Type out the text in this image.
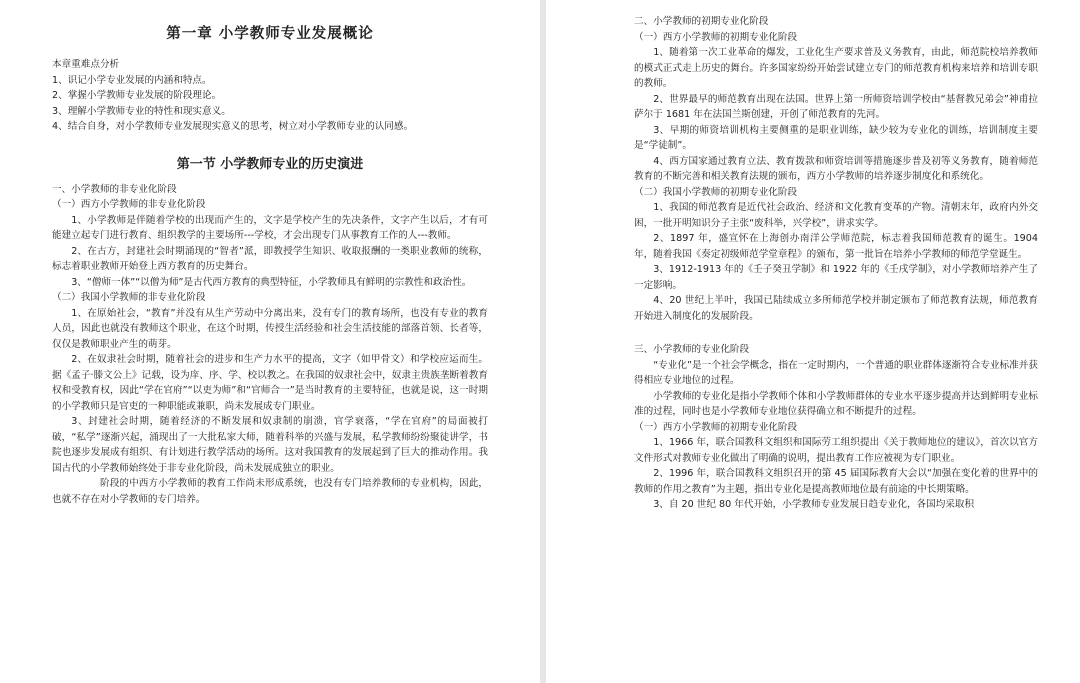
第一章 小学教师专业发展概论
本章重难点分析
1、识记小学专业发展的内涵和特点。
2、掌握小学教师专业发展的阶段理论。
3、理解小学教师专业的特性和现实意义。
4、结合自身，对小学教师专业发展现实意义的思考，树立对小学教师专业的认同感。
第一节 小学教师专业的历史演进
一、小学教师的非专业化阶段
（一）西方小学教师的非专业化阶段
1、小学教师是伴随着学校的出现而产生的，文字是学校产生的先决条件，文字产生以后，才有可能建立起专门进行教育、组织教学的主要场所---学校，才会出现专门从事教育工作的人---教师。
2、在古方，封建社会时期涌现的“智者”派，即教授学生知识、收取报酬的一类职业教师的统称，标志着职业教师开始登上西方教育的历史舞台。
3、“僧师一体”“以僧为师”是古代西方教育的典型特征，小学教师具有鲜明的宗教性和政治性。
（二）我国小学教师的非专业化阶段
1、在原始社会，“教育”并没有从生产劳动中分离出来，没有专门的教育场所，也没有专业的教育人员，因此也就没有教师这个职业，在这个时期，传授生活经验和社会生活技能的部落首领、长者等，仅仅是教师职业产生的萌芽。
2、在奴隶社会时期，随着社会的进步和生产力水平的提高，文字（如甲骨文）和学校应运而生。据《孟子·滕文公上》记载，设为庠、序、学、校以教之。在我国的奴隶社会中，奴隶主贵族垄断着教育权和受教育权，因此“学在官府”“以吏为师”和“官师合一”是当时教育的主要特征，也就是说，这一时期的小学教师只是官吏的一种职能或兼职，尚未发展成专门职业。
3、封建社会时期，随着经济的不断发展和奴隶制的崩溃，官学衰落，“学在官府”的局面被打破，“私学”逐渐兴起，涌现出了一大批私家大师，随着科举的兴盛与发展，私学教师纷纷聚徒讲学，书院也逐步发展成有组织、有计划进行教学活动的场所。这对我国教育的发展起到了巨大的推动作用。我国古代的小学教师始终处于非专业化阶段，尚未发展成独立的职业。
阶段的中西方小学教师的教育工作尚未形成系统，也没有专门培养教师的专业机构，因此，也就不存在对小学教师的专门培养。
二、小学教师的初期专业化阶段
（一）西方小学教师的初期专业化阶段
1、随着第一次工业革命的爆发，工业化生产要求普及义务教育，由此，师范院校培养教师的模式正式走上历史的舞台。许多国家纷纷开始尝试建立专门的师范教育机构来培养和培训专职的教师。
2、世界最早的师范教育出现在法国。世界上第一所师资培训学校由“基督教兄弟会”神甫拉萨尔于 1681 年在法国兰斯创建，开创了师范教育的先河。
3、早期的师资培训机构主要侧重的是职业训练，缺少较为专业化的训练，培训制度主要是“学徒制”。
4、西方国家通过教育立法、教育拨款和师资培训等措施逐步普及初等义务教育，随着师范教育的不断完善和相关教育法规的颁布，西方小学教师的培养逐步制度化和系统化。
（二）我国小学教师的初期专业化阶段
1、我国的师范教育是近代社会政治、经济和文化教育变革的产物。清朝末年，政府内外交困，一批开明知识分子主张“废科举，兴学校”，讲求实学。
2、1897 年，盛宣怀在上海创办南洋公学师范院，标志着我国师范教育的诞生。1904 年，随着我国《奏定初级师范学堂章程》的颁布，第一批旨在培养小学教师的师范学堂诞生。
3、1912-1913 年的《壬子癸丑学制》和 1922 年的《壬戌学制》，对小学教师培养产生了一定影响。
4、20 世纪上半叶，我国已陆续成立多所师范学校并制定颁布了师范教育法规，师范教育开始进入制度化的发展阶段。
三、小学教师的专业化阶段
“专业化”是一个社会学概念，指在一定时期内，一个普通的职业群体逐渐符合专业标准并获得相应专业地位的过程。
小学教师的专业化是指小学教师个体和小学教师群体的专业水平逐步提高并达到鲜明专业标准的过程，同时也是小学教师专业地位获得确立和不断提升的过程。
（一）西方小学教师的初期专业化阶段
1、1966 年，联合国教科文组织和国际劳工组织提出《关于教师地位的建议》，首次以官方文件形式对教师专业化做出了明确的说明，提出教育工作应被视为专门职业。
2、1996 年，联合国教科文组织召开的第 45 届国际教育大会以“加强在变化着的世界中的教师的作用之教育”为主题，指出专业化是提高教师地位最有前途的中长期策略。
3、自 20 世纪 80 年代开始，小学教师专业发展日趋专业化，各国均采取积
